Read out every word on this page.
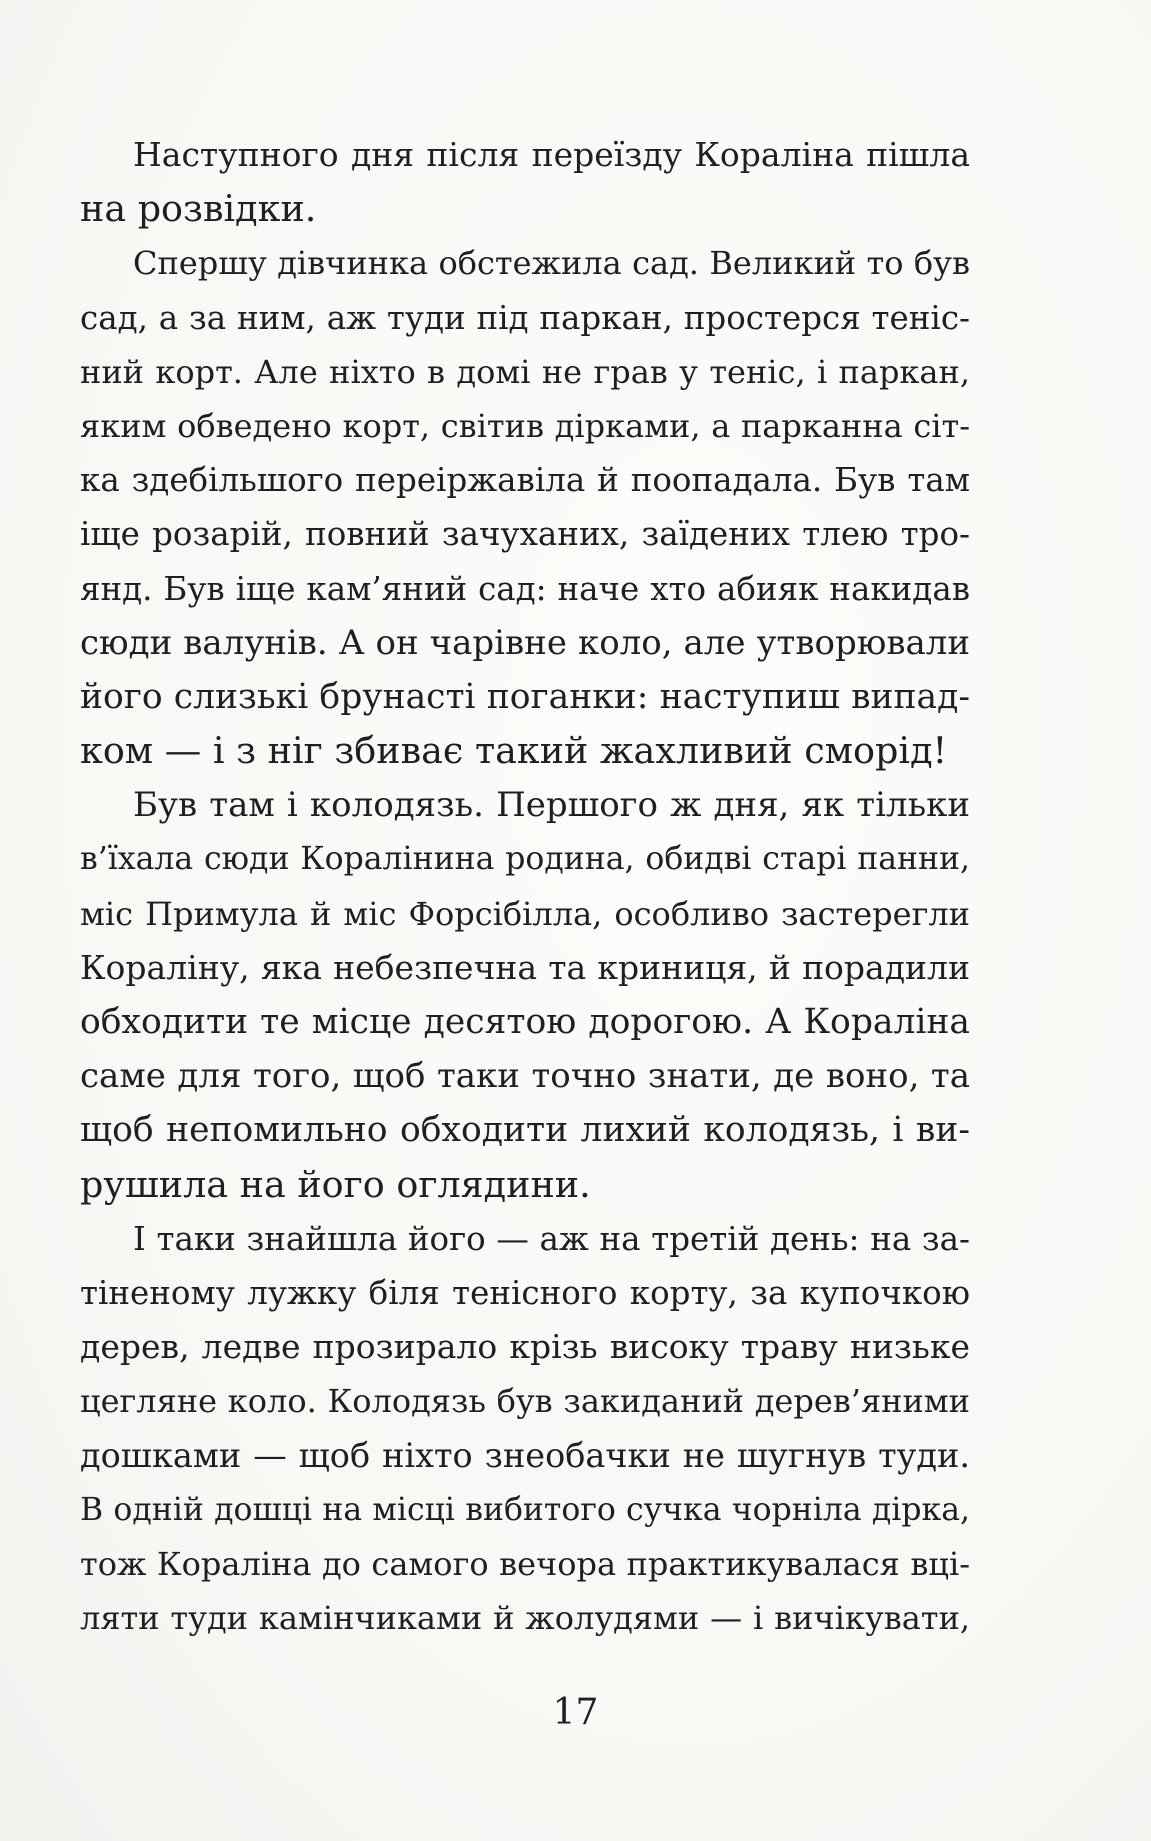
Наступного дня після переїзду Кораліна пішла
на розвідки.
Спершу дівчинка обстежила сад. Великий то був
сад, а за ним, аж туди під паркан, простерся теніс-
ний корт. Але ніхто в домі не грав у теніс, і паркан,
яким обведено корт, світив дірками, а парканна сіт-
ка здебільшого переіржавіла й поопадала. Був там
іще розарій, повний зачуханих, заїдених тлею тро-
янд. Був іще кам’яний сад: наче хто абияк накидав
сюди валунів. А он чарівне коло, але утворювали
його слизькі брунасті поганки: наступиш випад-
ком — і з ніг збиває такий жахливий сморід!
Був там і колодязь. Першого ж дня, як тільки
в’їхала сюди Коралінина родина, обидві старі панни,
міс Примула й міс Форсібілла, особливо застерегли
Кораліну, яка небезпечна та криниця, й порадили
обходити те місце десятою дорогою. А Кораліна
саме для того, щоб таки точно знати, де воно, та
щоб непомильно обходити лихий колодязь, і ви-
рушила на його оглядини.
І таки знайшла його — аж на третій день: на за-
тіненому лужку біля тенісного корту, за купочкою
дерев, ледве прозирало крізь високу траву низьке
цегляне коло. Колодязь був закиданий дерев’яними
дошками — щоб ніхто знеобачки не шугнув туди.
В одній дошці на місці вибитого сучка чорніла дірка,
тож Кораліна до самого вечора практикувалася вці-
ляти туди камінчиками й жолудями — і вичікувати,
17
